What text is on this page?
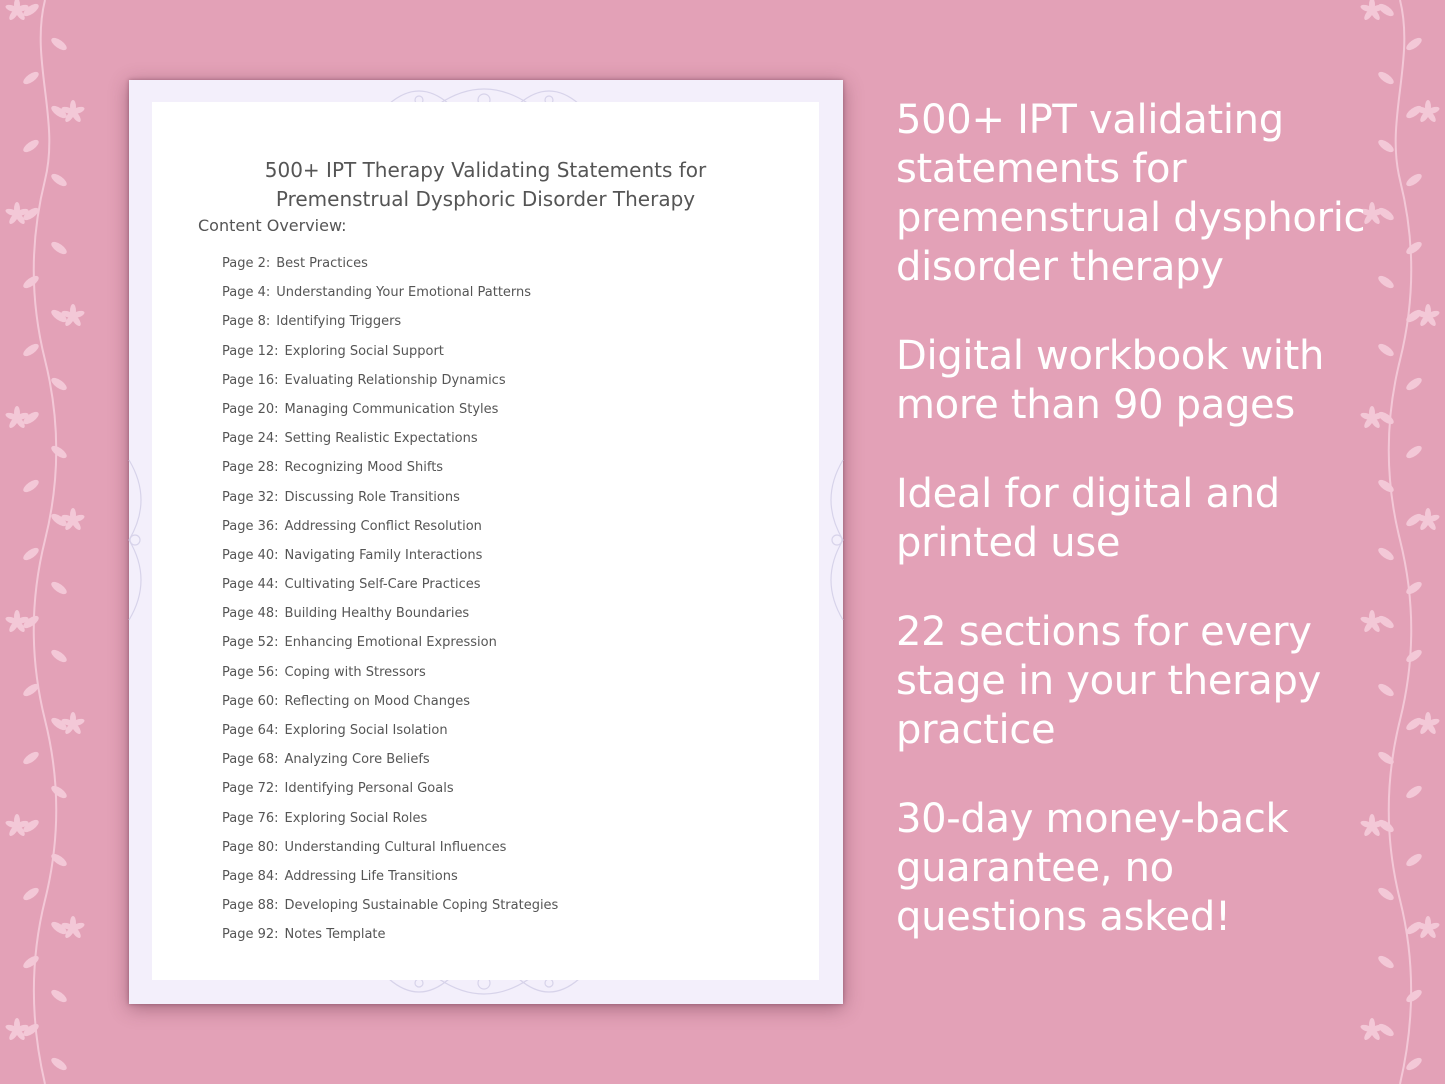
500+ IPT Therapy Validating Statements for
Premenstrual Dysphoric Disorder Therapy
Content Overview:
Page 2: Best Practices
Page 4: Understanding Your Emotional Patterns
Page 8: Identifying Triggers
Page 12: Exploring Social Support
Page 16: Evaluating Relationship Dynamics
Page 20: Managing Communication Styles
Page 24: Setting Realistic Expectations
Page 28: Recognizing Mood Shifts
Page 32: Discussing Role Transitions
Page 36: Addressing Conflict Resolution
Page 40: Navigating Family Interactions
Page 44: Cultivating Self-Care Practices
Page 48: Building Healthy Boundaries
Page 52: Enhancing Emotional Expression
Page 56: Coping with Stressors
Page 60: Reflecting on Mood Changes
Page 64: Exploring Social Isolation
Page 68: Analyzing Core Beliefs
Page 72: Identifying Personal Goals
Page 76: Exploring Social Roles
Page 80: Understanding Cultural Influences
Page 84: Addressing Life Transitions
Page 88: Developing Sustainable Coping Strategies
Page 92: Notes Template

500+ IPT validating statements for premenstrual dysphoric disorder therapy

Digital workbook with more than 90 pages

Ideal for digital and printed use

22 sections for every stage in your therapy practice

30-day money-back guarantee, no questions asked!
